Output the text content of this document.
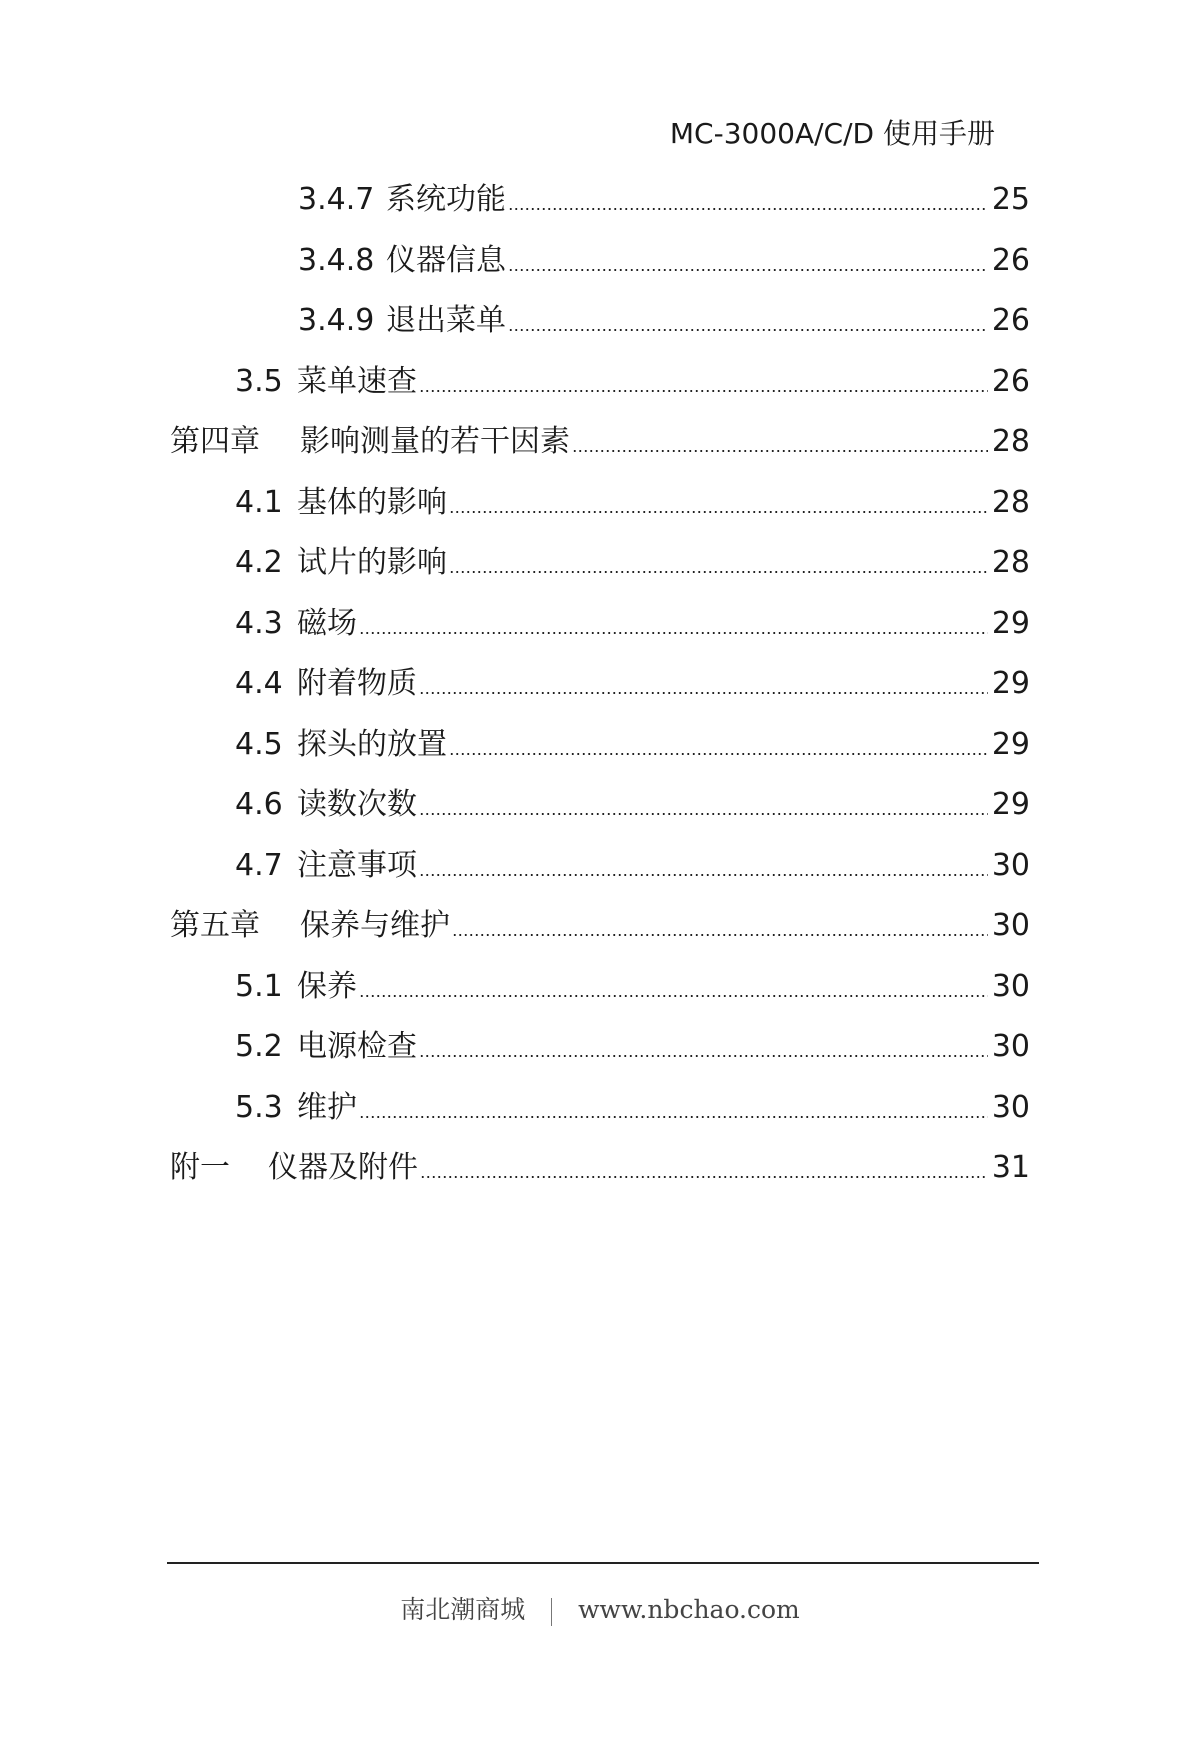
MC-3000A/C/D 使用手册
3.4.7 系统功能	25
3.4.8 仪器信息	26
3.4.9 退出菜单	26
3.5 菜单速查	26
第四章	影响测量的若干因素	28
4.1 基体的影响	28
4.2 试片的影响	28
4.3 磁场	29
4.4 附着物质	29
4.5 探头的放置	29
4.6 读数次数	29
4.7 注意事项	30
第五章	保养与维护	30
5.1 保养	30
5.2 电源检查	30
5.3 维护	30
附一	仪器及附件	31
南北潮商城 www.nbchao.com
